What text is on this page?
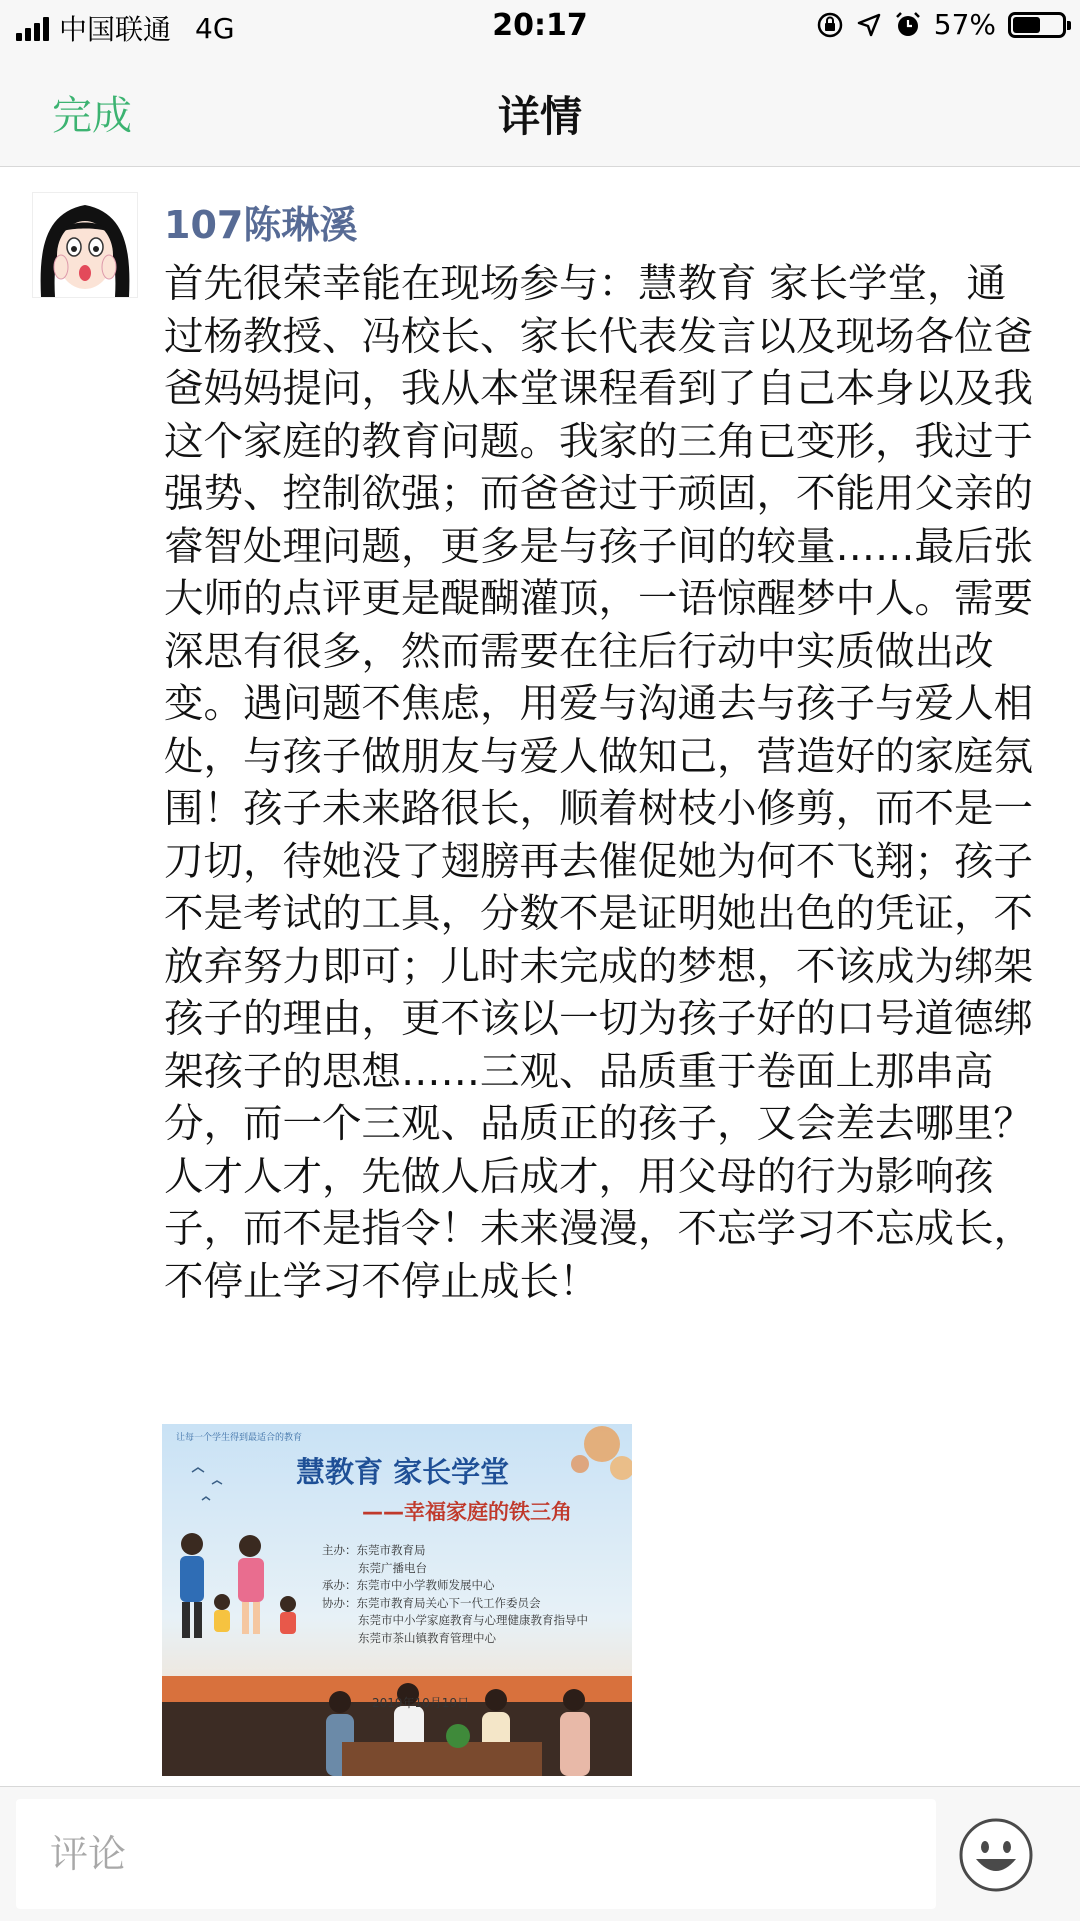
中国联通 4G	20:17	57%
完成	详情
107陈琳溪

首先很荣幸能在现场参与：慧教育 家长学堂，通过杨教授、冯校长、家长代表发言以及现场各位爸爸妈妈提问，我从本堂课程看到了自己本身以及我这个家庭的教育问题。我家的三角已变形，我过于强势、控制欲强；而爸爸过于顽固，不能用父亲的睿智处理问题，更多是与孩子间的较量……最后张大师的点评更是醍醐灌顶，一语惊醒梦中人。需要深思有很多，然而需要在往后行动中实质做出改变。遇问题不焦虑，用爱与沟通去与孩子与爱人相处，与孩子做朋友与爱人做知己，营造好的家庭氛围！孩子未来路很长，顺着树枝小修剪，而不是一刀切，待她没了翅膀再去催促她为何不飞翔；孩子不是考试的工具，分数不是证明她出色的凭证，不放弃努力即可；儿时未完成的梦想，不该成为绑架孩子的理由，更不该以一切为孩子好的口号道德绑架孩子的思想……三观、品质重于卷面上那串高分，而一个三观、品质正的孩子，又会差去哪里？人才人才，先做人后成才，用父母的行为影响孩子，而不是指令！未来漫漫，不忘学习不忘成长，不停止学习不停止成长！

让每一个学生得到最适合的教育
慧教育 家长学堂
——幸福家庭的铁三角
主办：东莞市教育局
东莞广播电台
承办：东莞市中小学教师发展中心
协办：东莞市教育局关心下一代工作委员会
东莞市中小学家庭教育与心理健康教育指导中
东莞市茶山镇教育管理中心
2019年10月19日
评论
